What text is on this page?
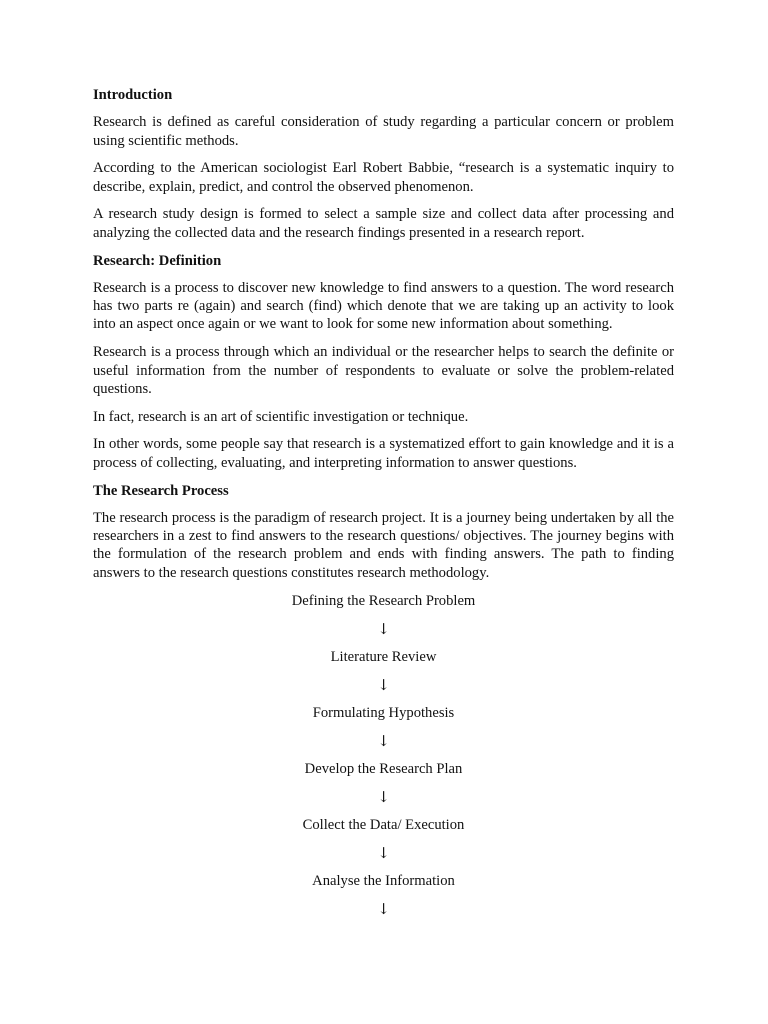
Introduction

Research is defined as careful consideration of study regarding a particular concern or problem using scientific methods.

According to the American sociologist Earl Robert Babbie, “research is a systematic inquiry to describe, explain, predict, and control the observed phenomenon.

A research study design is formed to select a sample size and collect data after processing and analyzing the collected data and the research findings presented in a research report.

Research: Definition

Research is a process to discover new knowledge to find answers to a question. The word research has two parts re (again) and search (find) which denote that we are taking up an activity to look into an aspect once again or we want to look for some new information about something.

Research is a process through which an individual or the researcher helps to search the definite or useful information from the number of respondents to evaluate or solve the problem-related questions.

In fact, research is an art of scientific investigation or technique.

In other words, some people say that research is a systematized effort to gain knowledge and it is a process of collecting, evaluating, and interpreting information to answer questions.

The Research Process

The research process is the paradigm of research project. It is a journey being undertaken by all the researchers in a zest to find answers to the research questions/ objectives. The journey begins with the formulation of the research problem and ends with finding answers. The path to finding answers to the research questions constitutes research methodology.

Defining the Research Problem
↓
Literature Review
↓
Formulating Hypothesis
↓
Develop the Research Plan
↓
Collect the Data/ Execution
↓
Analyse the Information
↓
